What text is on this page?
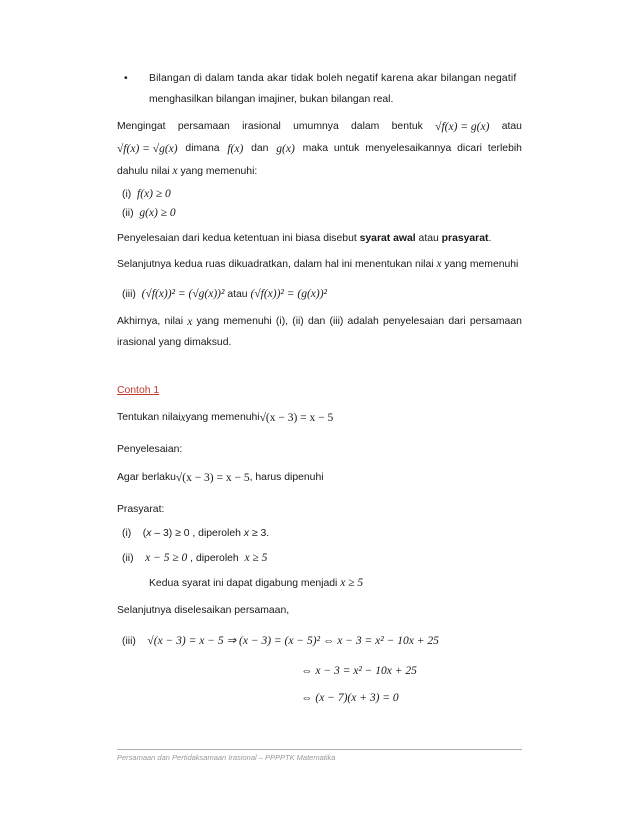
• Bilangan di dalam tanda akar tidak boleh negatif karena akar bilangan negatif
menghasilkan bilangan imajiner, bukan bilangan real.
Mengingat persamaan irasional umumnya dalam bentuk √f(x) = g(x) atau
√f(x) = √g(x) dimana f(x) dan g(x) maka untuk menyelesaikannya dicari terlebih
dahulu nilai x yang memenuhi:
(i) f(x) ≥ 0
(ii) g(x) ≥ 0
Penyelesaian dari kedua ketentuan ini biasa disebut syarat awal atau prasyarat.
Selanjutnya kedua ruas dikuadratkan, dalam hal ini menentukan nilai x yang memenuhi
(iii) (√f(x))² = (√g(x))² atau (√f(x))² = (g(x))²
Akhirnya, nilai x yang memenuhi (i), (ii) dan (iii) adalah penyelesaian dari persamaan
irasional yang dimaksud.
Contoh 1
Tentukan nilai x yang memenuhi √(x − 3) = x − 5
Penyelesaian:
Agar berlaku √(x − 3) = x − 5 , harus dipenuhi
Prasyarat:
(i) (x – 3) ≥ 0 , diperoleh x ≥ 3.
(ii) x − 5 ≥ 0 , diperoleh  x ≥ 5
Kedua syarat ini dapat digabung menjadi x ≥ 5
Selanjutnya diselesaikan persamaan,
(iii) √(x − 3) = x − 5 ⇒ (x − 3) = (x − 5)² ⇔ x − 3 = x² − 10x + 25
⇔ x − 3 = x² − 10x + 25
⇔ (x − 7)(x + 3) = 0
Persamaan dan Pertidaksamaan Irasional – PPPPTK Matematika
